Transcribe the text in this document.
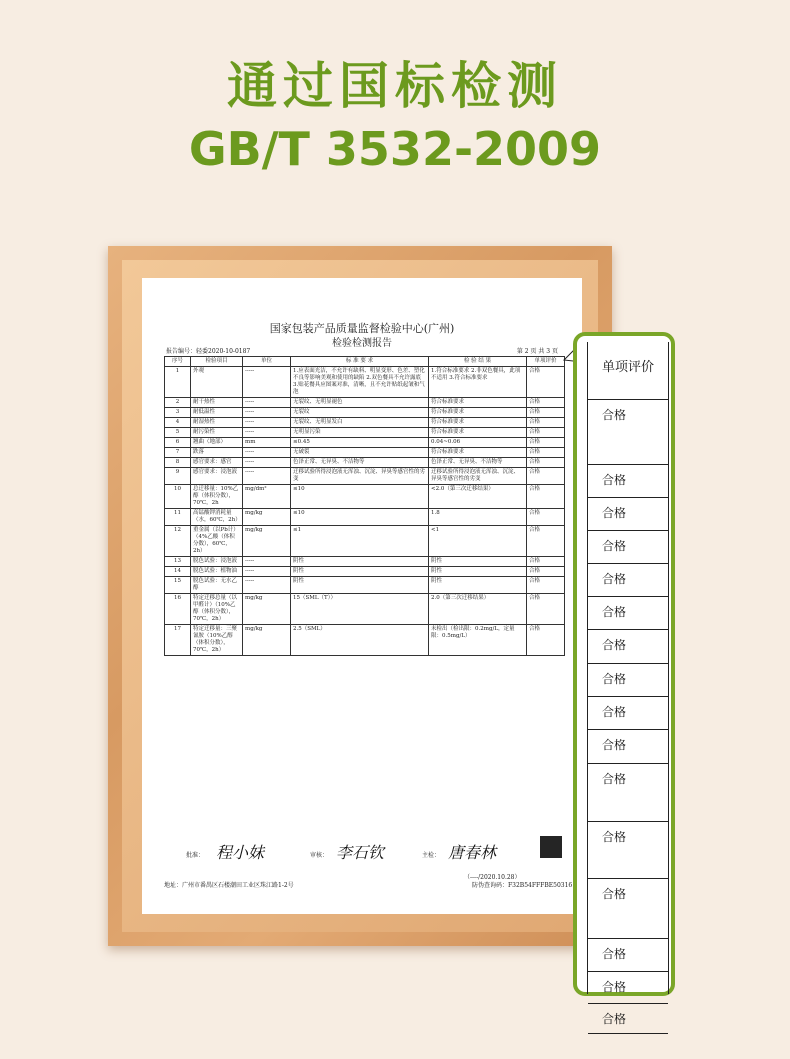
通过国标检测
GB/T 3532-2009
国家包装产品质量监督检验中心(广州)
检验检测报告
报告编号：轻委2020-10-0187	第 2 页 共 3 页
序号	检验项目	单位	标 准 要 求	检 验 结 果	单项评价
1	外观	-----	1.应表面光洁，不允许有缺料、明显变形、色差、塑化不良等影响美观和使用的缺陷 2.双色餐具不允许露底 3.贴花餐具应图案对准，清晰，且不允许贴纸起皱和气泡	1.符合标准要求 2.非双色餐具，此项不适用 3.符合标准要求	合格
2	耐干热性	-----	无裂纹、无明显褪色	符合标准要求	合格
3	耐低温性	-----	无裂纹	符合标准要求	合格
4	耐湿热性	-----	无裂纹、无明显发白	符合标准要求	合格
5	耐污染性	-----	无明显污染	符合标准要求	合格
6	翘曲（地部）	mm	≤0.45	0.04~0.06	合格
7	跌落	-----	无破裂	符合标准要求	合格
8	感官要求：感官	-----	色泽正常、无异臭、不洁物等	色泽正常、无异臭、不洁物等	合格
9	感官要求：浸泡液	-----	迁移试验所得浸泡液无浑浊、沉淀、异臭等感官性的劣变	迁移试验所得浸泡液无浑浊、沉淀、异臭等感官性的劣变	合格
10	总迁移量：10%乙醇（体积分数），70℃，2h	mg/dm²	≤10	<2.0（第三次迁移结果）	合格
11	高锰酸钾消耗量（水，60℃，2h）	mg/kg	≤10	1.8	合格
12	重金属（以Pb计）（4%乙酸（体积分数），60℃，2h）	mg/kg	≤1	<1	合格
13	脱色试验：浸泡液	-----	阴性	阴性	合格
14	脱色试验：植物油	-----	阴性	阴性	合格
15	脱色试验：无水乙醇	-----	阴性	阴性	合格
16	特定迁移总量（以甲醛计）（10%乙醇（体积分数），70℃，2h）	mg/kg	15（SML（T））	2.0（第三次迁移结果）	合格
17	特定迁移量：三聚氰胺（10%乙醇（体积分数），70℃，2h）	mg/kg	2.5（SML）	未检出（检出限：0.2mg/L，定量限：0.5mg/L）	合格
批准： 程小妹	审核： 李石钦	主检： 唐春林
（----/2020.10.28）
地址：广州市番禺区石楼潮田工业区珠江路1-2号	防伪查询码：F32B54FFFBE50316
单项评价
合格
合格
合格
合格
合格
合格
合格
合格
合格
合格
合格
合格
合格
合格
合格
合格
